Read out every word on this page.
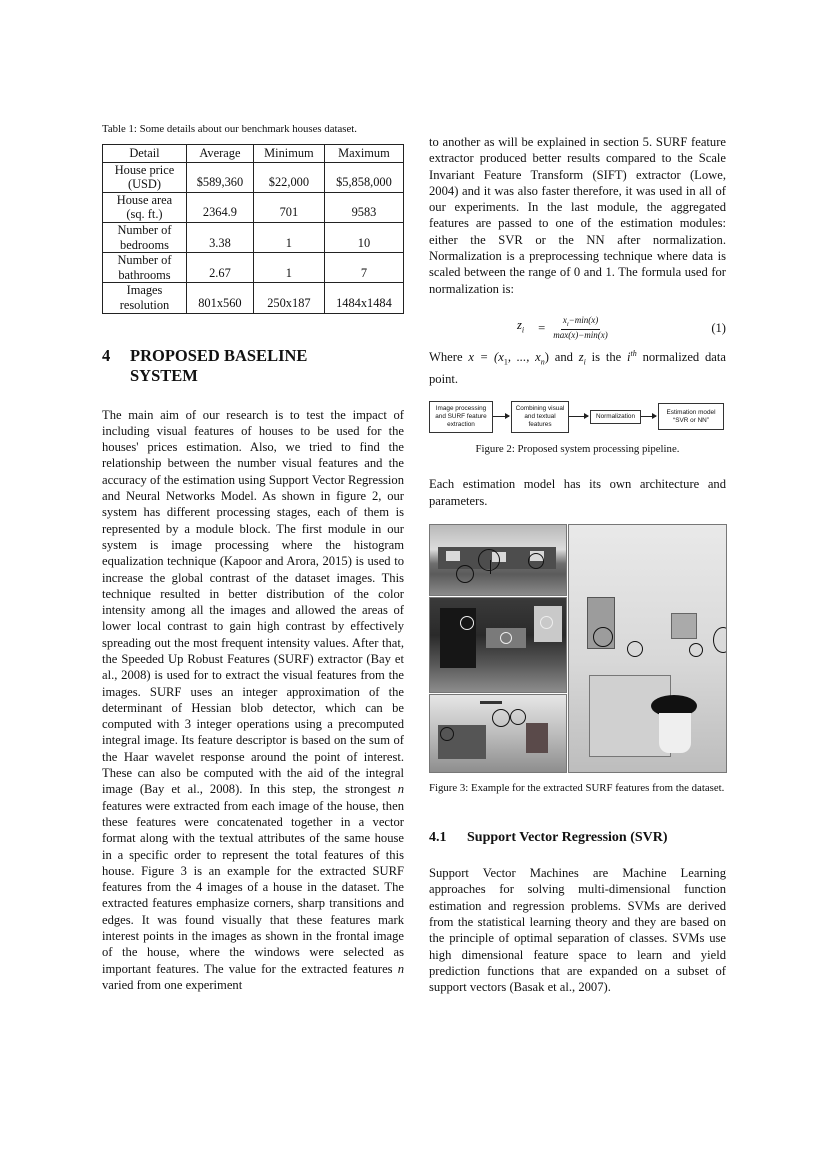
Table 1: Some details about our benchmark houses dataset.

Detail	Average	Minimum	Maximum
House price
(USD)	$589,360	$22,000	$5,858,000
House area
(sq. ft.)	2364.9	701	9583
Number of
bedrooms	3.38	1	10
Number of
bathrooms	2.67	1	7
Images
resolution	801x560	250x187	1484x1484
4	PROPOSED BASELINE
SYSTEM

The main aim of our research is to test the impact of including visual features of houses to be used for the houses' prices estimation. Also, we tried to find the relationship between the number visual features and the accuracy of the estimation using Support Vector Regression and Neural Networks Model. As shown in figure 2, our system has different processing stages, each of them is represented by a module block. The first module in our system is image processing where the histogram equalization technique (Kapoor and Arora, 2015) is used to increase the global contrast of the dataset images. This technique resulted in better distribution of the color intensity among all the images and allowed the areas of lower local contrast to gain high contrast by effectively spreading out the most frequent intensity values. After that, the Speeded Up Robust Features (SURF) extractor (Bay et al., 2008) is used for to extract the visual features from the images. SURF uses an integer approximation of the determinant of Hessian blob detector, which can be computed with 3 integer operations using a precomputed integral image. Its feature descriptor is based on the sum of the Haar wavelet response around the point of interest. These can also be computed with the aid of the integral image (Bay et al., 2008). In this step, the strongest n features were extracted from each image of the house, then these features were concatenated together in a vector format along with the textual attributes of the same house in a specific order to represent the total features of this house. Figure 3 is an example for the extracted SURF features from the 4 images of a house in the dataset. The extracted features emphasize corners, sharp transitions and edges. It was found visually that these features mark interest points in the images as shown in the frontal image of the house, where the windows were selected as important features. The value for the extracted features n varied from one experiment

to another as will be explained in section 5. SURF feature extractor produced better results compared to the Scale Invariant Feature Transform (SIFT) extractor (Lowe, 2004) and it was also faster therefore, it was used in all of our experiments. In the last module, the aggregated features are passed to one of the estimation modules: either the SVR or the NN after normalization. Normalization is a preprocessing technique where data is scaled between the range of 0 and 1. The formula used for normalization is:

$z_i = \frac{x_i-\min(x)}{\max(x)-\min(x)}$	(1)

Where $x = (x_1$, ..., $x_n$) and $z_i$ is the $i^{th}$ normalized data point.

Image processing and SURF feature extraction
Combining visual and textual features
Normalization
Estimation model “SVR or NN”

Figure 2: Proposed system processing pipeline.

Each estimation model has its own architecture and parameters.

Figure 3: Example for the extracted SURF features from the dataset.

4.1	Support Vector Regression (SVR)

Support Vector Machines are Machine Learning approaches for solving multi-dimensional function estimation and regression problems. SVMs are derived from the statistical learning theory and they are based on the principle of optimal separation of classes. SVMs use high dimensional feature space to learn and yield prediction functions that are expanded on a subset of support vectors (Basak et al., 2007).
